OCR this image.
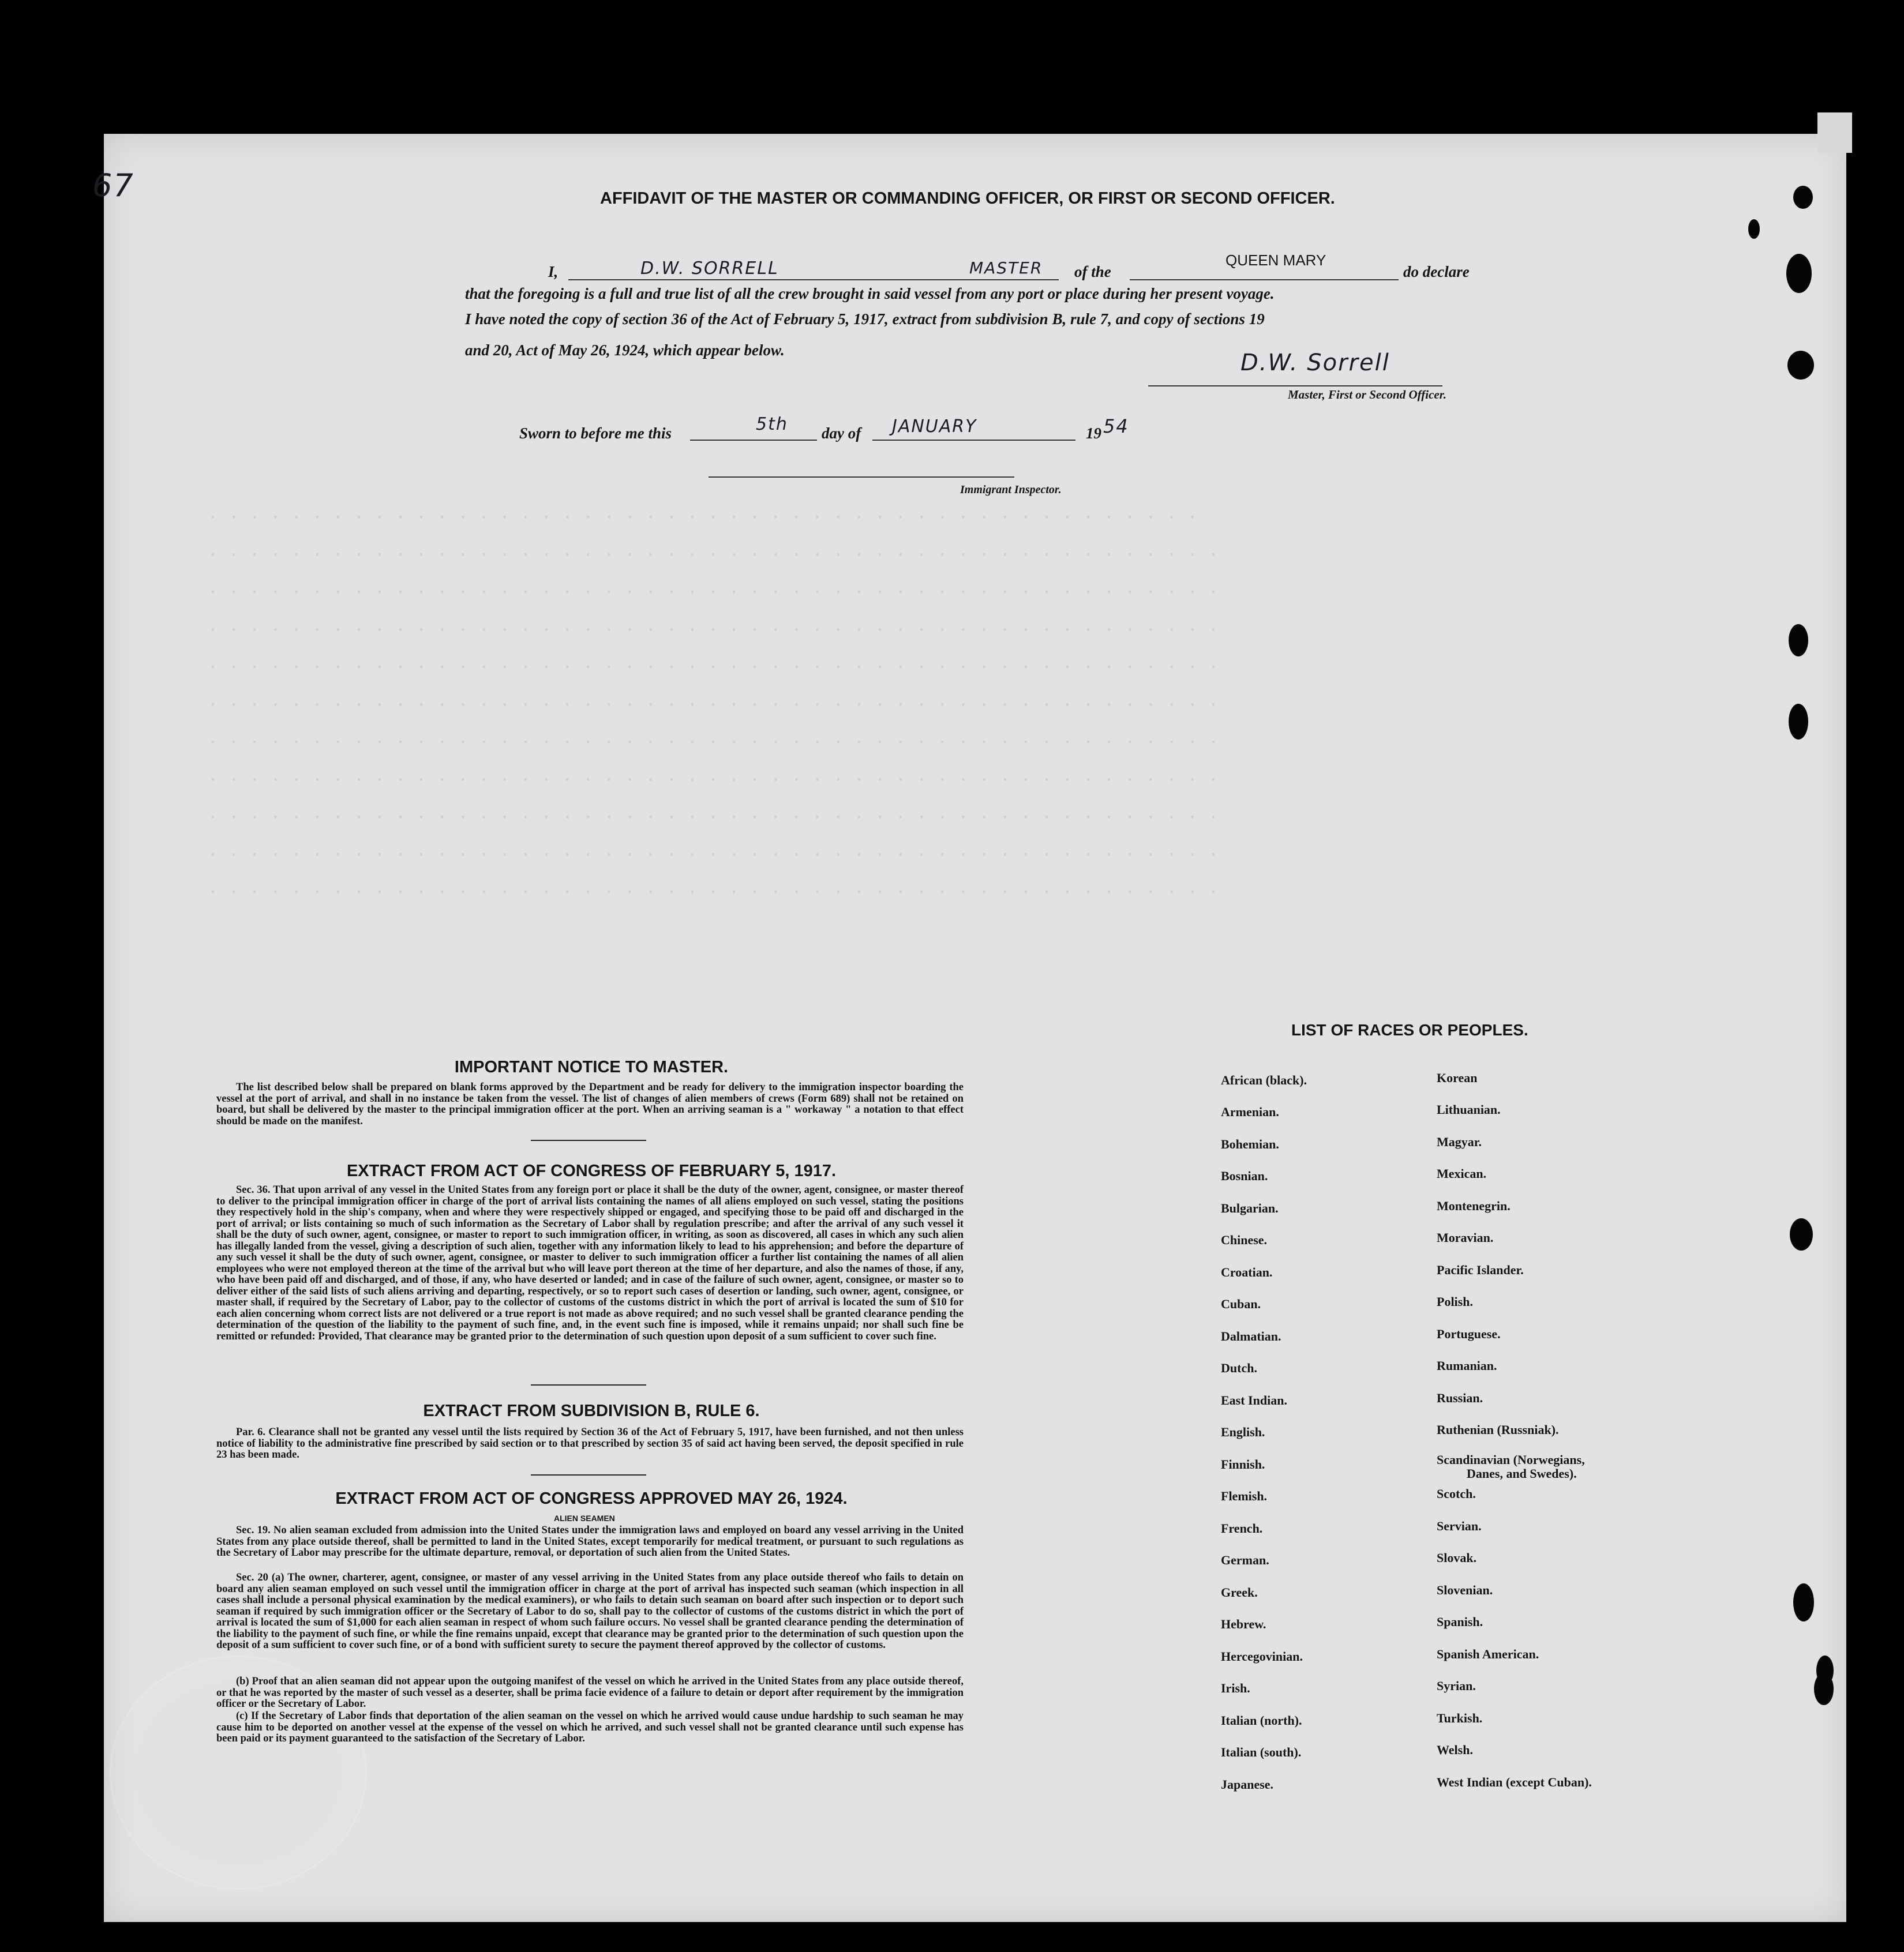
· · · · · · · · · · · · · · · · · · · · · · · · · · · · · · · · · · · · · · · · · · · · · · · ·
· · · · · · · · · · · · · · · · · · · · · · · · · · · · · · · · · · · · · · · · · · · · · · · · ·
· · · · · · · · · · · · · · · · · · · · · · · · · · · · · · · · · · · · · · · · · · · · · · · · ·
· · · · · · · · · · · · · · · · · · · · · · · · · · · · · · · · · · · · · · · · · · · · · · · · ·
· · · · · · · · · · · · · · · · · · · · · · · · · · · · · · · · · · · · · · · · · · · · · · · · ·
· · · · · · · · · · · · · · · · · · · · · · · · · · · · · · · · · · · · · · · · · · · · · · · · ·
· · · · · · · · · · · · · · · · · · · · · · · · · · · · · · · · · · · · · · · · · · · · · · · · ·
· · · · · · · · · · · · · · · · · · · · · · · · · · · · · · · · · · · · · · · · · · · · · · · · ·
· · · · · · · · · · · · · · · · · · · · · · · · · · · · · · · · · · · · · · · · · · · · · · · · ·
· · · · · · · · · · · · · · · · · · · · · · · · · · · · · · · · · · · · · · · · · · · · · · · · ·
· · · · · · · · · · · · · · · · · · · · · · · · · · · · · · · · · · · · · · · · · · · · · · · · ·
67	AFFIDAVIT OF THE MASTER OR COMMANDING OFFICER, OR FIRST OR SECOND OFFICER.
I,	D.W. SORRELL	MASTER of the
QUEEN MARY
do declare
that the foregoing is a full and true list of all the crew brought in said vessel from any port or place during her present voyage.
I have noted the copy of section 36 of the Act of February 5, 1917, extract from subdivision B, rule 7, and copy of sections 19
and 20, Act of May 26, 1924, which appear below.	D.W. Sorrell
Master, First or Second Officer.
Sworn to before me this	5th day of JANUARY	19 54
Immigrant Inspector.
IMPORTANT NOTICE TO MASTER.
The list described below shall be prepared on blank forms approved by the Department and be ready for delivery to the immigration inspector boarding the vessel at the port of arrival, and shall in no instance be taken from the vessel. The list of changes of alien members of crews (Form 689) shall not be retained on board, but shall be delivered by the master to the principal immigration officer at the port. When an arriving seaman is a " workaway " a notation to that effect should be made on the manifest.
EXTRACT FROM ACT OF CONGRESS OF FEBRUARY 5, 1917.
Sec. 36. That upon arrival of any vessel in the United States from any foreign port or place it shall be the duty of the owner, agent, consignee, or master thereof to deliver to the principal immigration officer in charge of the port of arrival lists containing the names of all aliens employed on such vessel, stating the positions they respectively hold in the ship's company, when and where they were respectively shipped or engaged, and specifying those to be paid off and discharged in the port of arrival; or lists containing so much of such information as the Secretary of Labor shall by regulation prescribe; and after the arrival of any such vessel it shall be the duty of such owner, agent, consignee, or master to report to such immigration officer, in writing, as soon as discovered, all cases in which any such alien has illegally landed from the vessel, giving a description of such alien, together with any information likely to lead to his apprehension; and before the departure of any such vessel it shall be the duty of such owner, agent, consignee, or master to deliver to such immigration officer a further list containing the names of all alien employees who were not employed thereon at the time of the arrival but who will leave port thereon at the time of her departure, and also the names of those, if any, who have been paid off and discharged, and of those, if any, who have deserted or landed; and in case of the failure of such owner, agent, consignee, or master so to deliver either of the said lists of such aliens arriving and departing, respectively, or so to report such cases of desertion or landing, such owner, agent, consignee, or master shall, if required by the Secretary of Labor, pay to the collector of customs of the customs district in which the port of arrival is located the sum of $10 for each alien concerning whom correct lists are not delivered or a true report is not made as above required; and no such vessel shall be granted clearance pending the determination of the question of the liability to the payment of such fine, and, in the event such fine is imposed, while it remains unpaid; nor shall such fine be remitted or refunded: Provided, That clearance may be granted prior to the determination of such question upon deposit of a sum sufficient to cover such fine.
EXTRACT FROM SUBDIVISION B, RULE 6.
Par. 6. Clearance shall not be granted any vessel until the lists required by Section 36 of the Act of February 5, 1917, have been furnished, and not then unless notice of liability to the administrative fine prescribed by said section or to that prescribed by section 35 of said act having been served, the deposit specified in rule 23 has been made.
EXTRACT FROM ACT OF CONGRESS APPROVED MAY 26, 1924.
ALIEN SEAMEN
Sec. 19. No alien seaman excluded from admission into the United States under the immigration laws and employed on board any vessel arriving in the United States from any place outside thereof, shall be permitted to land in the United States, except temporarily for medical treatment, or pursuant to such regulations as the Secretary of Labor may prescribe for the ultimate departure, removal, or deportation of such alien from the United States.
Sec. 20 (a) The owner, charterer, agent, consignee, or master of any vessel arriving in the United States from any place outside thereof who fails to detain on board any alien seaman employed on such vessel until the immigration officer in charge at the port of arrival has inspected such seaman (which inspection in all cases shall include a personal physical examination by the medical examiners), or who fails to detain such seaman on board after such inspection or to deport such seaman if required by such immigration officer or the Secretary of Labor to do so, shall pay to the collector of customs of the customs district in which the port of arrival is located the sum of $1,000 for each alien seaman in respect of whom such failure occurs. No vessel shall be granted clearance pending the determination of the liability to the payment of such fine, or while the fine remains unpaid, except that clearance may be granted prior to the determination of such question upon the deposit of a sum sufficient to cover such fine, or of a bond with sufficient surety to secure the payment thereof approved by the collector of customs.
(b) Proof that an alien seaman did not appear upon the outgoing manifest of the vessel on which he arrived in the United States from any place outside thereof, or that he was reported by the master of such vessel as a deserter, shall be prima facie evidence of a failure to detain or deport after requirement by the immigration officer or the Secretary of Labor.
(c) If the Secretary of Labor finds that deportation of the alien seaman on the vessel on which he arrived would cause undue hardship to such seaman he may cause him to be deported on another vessel at the expense of the vessel on which he arrived, and such vessel shall not be granted clearance until such expense has been paid or its payment guaranteed to the satisfaction of the Secretary of Labor.
LIST OF RACES OR PEOPLES.
African (black).
Armenian.
Bohemian.
Bosnian.
Bulgarian.
Chinese.
Croatian.
Cuban.
Dalmatian.
Dutch.
East Indian.
English.
Finnish.
Flemish.
French.
German.
Greek.
Hebrew.
Hercegovinian.
Irish.
Italian (north).
Italian (south).
Japanese.
Korean
Lithuanian.
Magyar.
Mexican.
Montenegrin.
Moravian.
Pacific Islander.
Polish.
Portuguese.
Rumanian.
Russian.
Ruthenian (Russniak).
Scandinavian (Norwegians,
Danes, and Swedes).
Scotch.
Servian.
Slovak.
Slovenian.
Spanish.
Spanish American.
Syrian.
Turkish.
Welsh.
West Indian (except Cuban).
